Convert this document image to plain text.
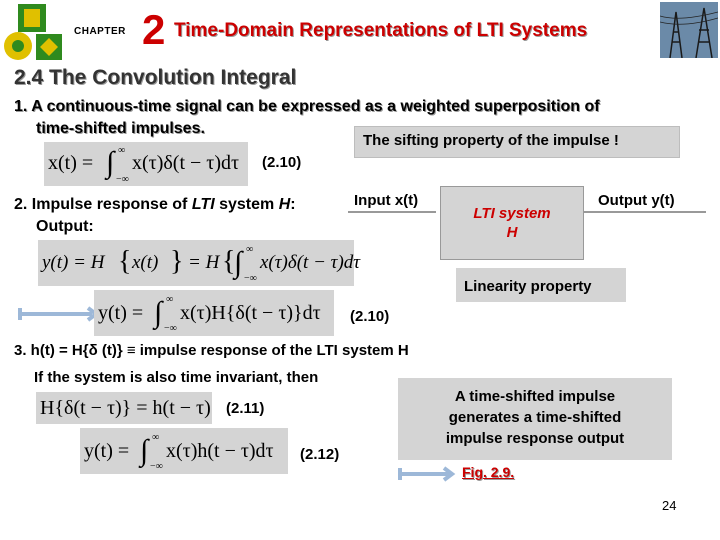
CHAPTER 2 Time-Domain Representations of LTI Systems
2.4 The Convolution Integral
1. A continuous-time signal can be expressed as a weighted superposition of
time-shifted impulses.
The sifting property of the impulse !
x(t) = ∫ ∞
−∞
x(τ)δ(t − τ)dτ (2.10)
2. Impulse response of LTI system H:
Output:
y(t) = H { x(t) } = H {
∫ ∞
−∞
x(τ)δ(t − τ)dτ
Input x(t)	Output y(t)
LTI system
H
Linearity property
y(t) = ∫ ∞
−∞
x(τ)H{δ(t − τ)}dτ (2.10)
3. h(t) = H{δ (t)} ≡ impulse response of the LTI system H
If the system is also time invariant, then
H{δ(t − τ)} = h(t − τ) (2.11)
y(t) = ∫ ∞
−∞
x(τ)h(t − τ)dτ (2.12)
A time-shifted impulse
generates a time-shifted
impulse response output
Fig. 2.9.
24
